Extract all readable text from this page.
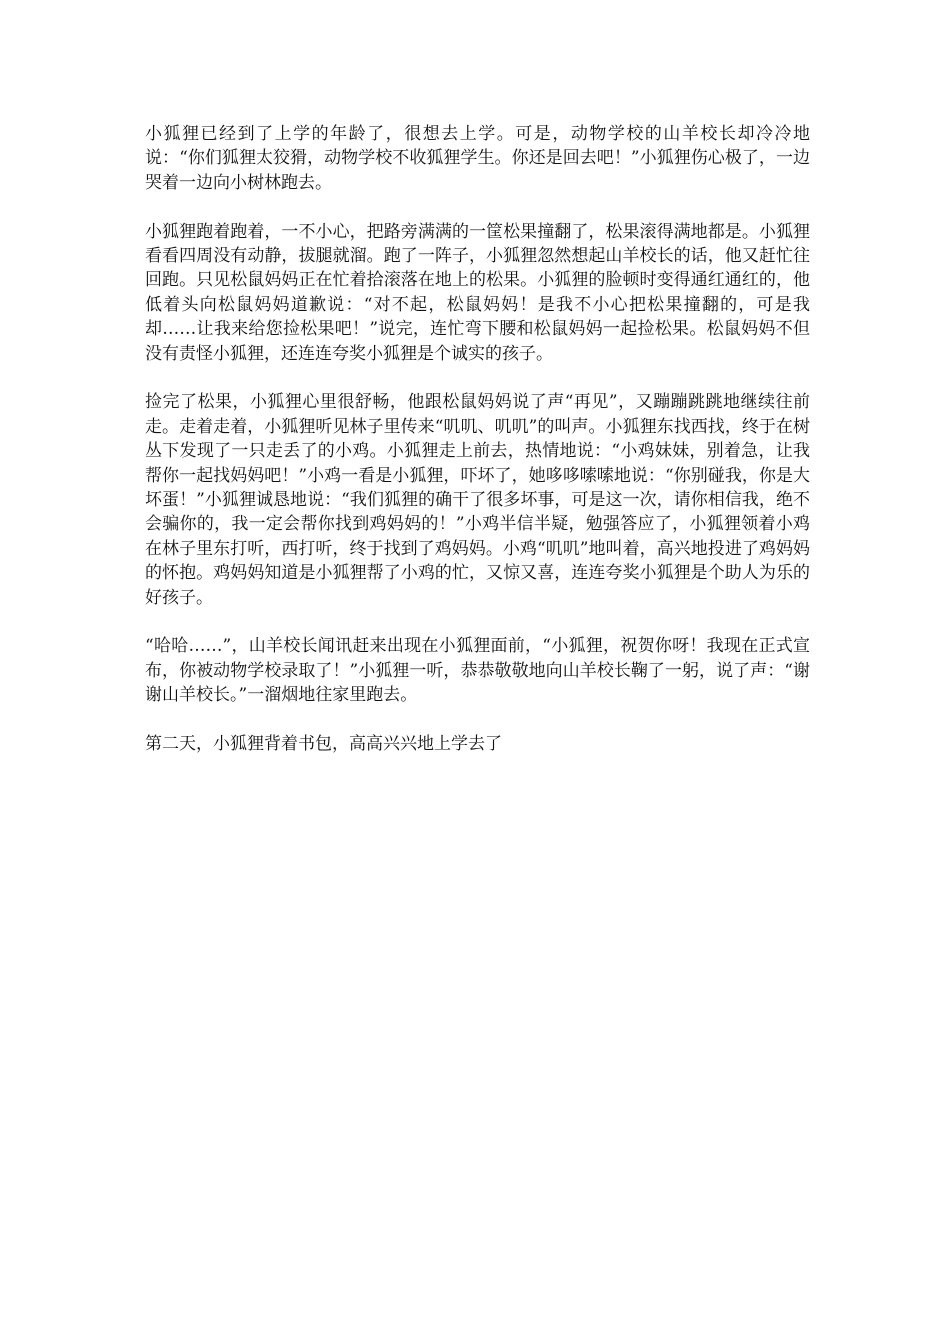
小狐狸已经到了上学的年龄了，很想去上学。可是，动物学校的山羊校长却冷冷地说：“你们狐狸太狡猾，动物学校不收狐狸学生。你还是回去吧！”小狐狸伤心极了，一边哭着一边向小树林跑去。

小狐狸跑着跑着，一不小心，把路旁满满的一筐松果撞翻了，松果滚得满地都是。小狐狸看看四周没有动静，拔腿就溜。跑了一阵子，小狐狸忽然想起山羊校长的话，他又赶忙往回跑。只见松鼠妈妈正在忙着拾滚落在地上的松果。小狐狸的脸顿时变得通红通红的，他低着头向松鼠妈妈道歉说：“对不起，松鼠妈妈！是我不小心把松果撞翻的，可是我却……让我来给您捡松果吧！”说完，连忙弯下腰和松鼠妈妈一起捡松果。松鼠妈妈不但没有责怪小狐狸，还连连夸奖小狐狸是个诚实的孩子。

捡完了松果，小狐狸心里很舒畅，他跟松鼠妈妈说了声“再见”，又蹦蹦跳跳地继续往前走。走着走着，小狐狸听见林子里传来“叽叽、叽叽”的叫声。小狐狸东找西找，终于在树丛下发现了一只走丢了的小鸡。小狐狸走上前去，热情地说：“小鸡妹妹，别着急，让我帮你一起找妈妈吧！”小鸡一看是小狐狸，吓坏了，她哆哆嗦嗦地说：“你别碰我，你是大坏蛋！”小狐狸诚恳地说：“我们狐狸的确干了很多坏事，可是这一次，请你相信我，绝不会骗你的，我一定会帮你找到鸡妈妈的！”小鸡半信半疑，勉强答应了，小狐狸领着小鸡在林子里东打听，西打听，终于找到了鸡妈妈。小鸡“叽叽”地叫着，高兴地投进了鸡妈妈的怀抱。鸡妈妈知道是小狐狸帮了小鸡的忙，又惊又喜，连连夸奖小狐狸是个助人为乐的好孩子。

“哈哈……”，山羊校长闻讯赶来出现在小狐狸面前，“小狐狸，祝贺你呀！我现在正式宣布，你被动物学校录取了！”小狐狸一听，恭恭敬敬地向山羊校长鞠了一躬，说了声：“谢谢山羊校长。”一溜烟地往家里跑去。

第二天，小狐狸背着书包，高高兴兴地上学去了
